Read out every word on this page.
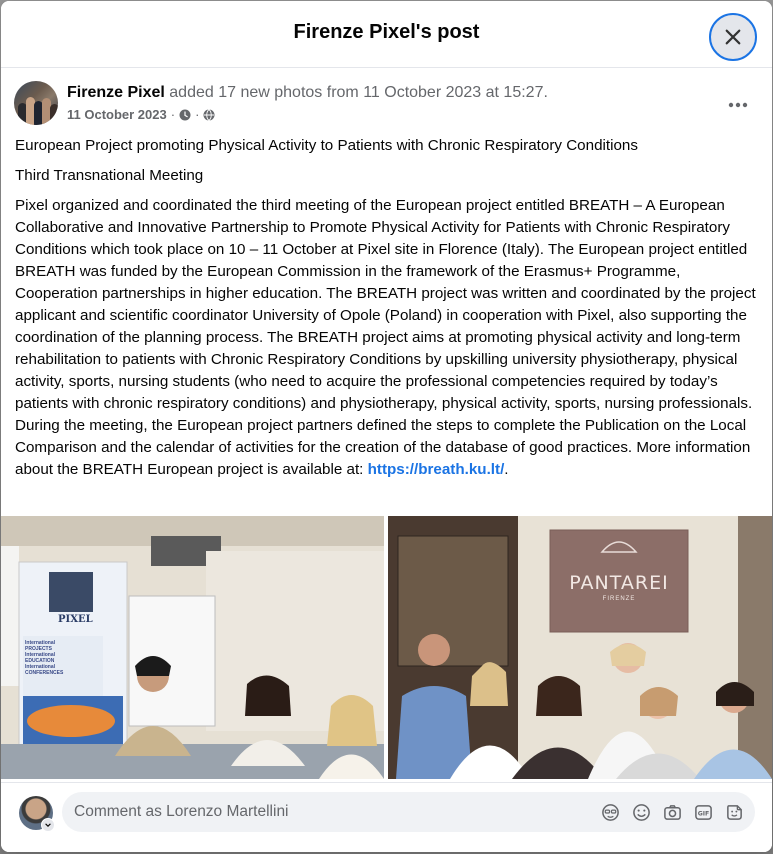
Firenze Pixel's post
Firenze Pixel added 17 new photos from 11 October 2023 at 15:27.
11 October 2023 · ·

European Project promoting Physical Activity to Patients with Chronic Respiratory Conditions

Third Transnational Meeting

Pixel organized and coordinated the third meeting of the European project entitled BREATH – A European Collaborative and Innovative Partnership to Promote Physical Activity for Patients with Chronic Respiratory Conditions which took place on 10 – 11 October at Pixel site in Florence (Italy). The European project entitled BREATH was funded by the European Commission in the framework of the Erasmus+ Programme, Cooperation partnerships in higher education. The BREATH project was written and coordinated by the project applicant and scientific coordinator University of Opole (Poland) in cooperation with Pixel, also supporting the coordination of the planning process. The BREATH project aims at promoting physical activity and long-term rehabilitation to patients with Chronic Respiratory Conditions by upskilling university physiotherapy, physical activity, sports, nursing students (who need to acquire the professional competencies required by today’s patients with chronic respiratory conditions) and physiotherapy, physical activity, sports, nursing professionals. During the meeting, the European project partners defined the steps to complete the Publication on the Local Comparison and the calendar of activities for the creation of the database of good practices. More information about the BREATH European project is available at: https://breath.ku.lt/.

PIXEL
International
PROJECTS
International
EDUCATION
International
CONFERENCES
PANTAREI
FIRENZE
Comment as Lorenzo Martellini
GIF
